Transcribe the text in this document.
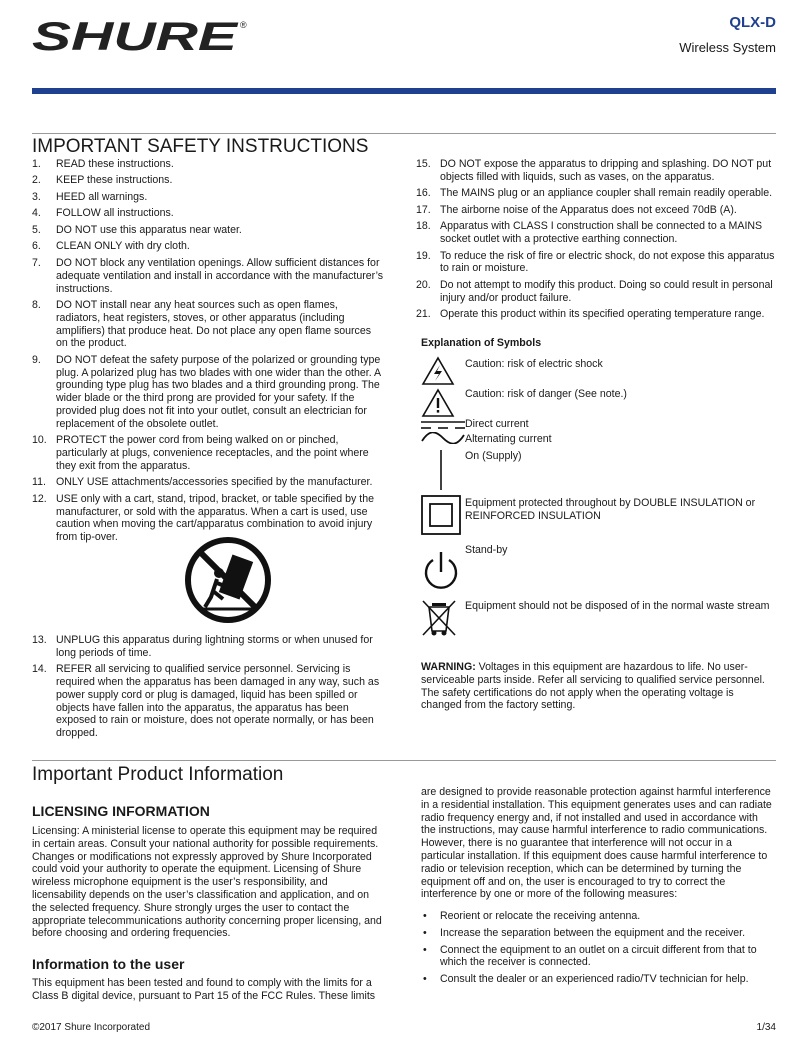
SHURE ®	QLX-D
Wireless System
IMPORTANT SAFETY INSTRUCTIONS
1. READ these instructions.
2. KEEP these instructions.
3. HEED all warnings.
4. FOLLOW all instructions.
5. DO NOT use this apparatus near water.
6. CLEAN ONLY with dry cloth.
7. DO NOT block any ventilation openings. Allow sufficient distances for adequate ventilation and install in accordance with the manufacturer’s instructions.
8. DO NOT install near any heat sources such as open flames, radiators, heat registers, stoves, or other apparatus (including amplifiers) that produce heat. Do not place any open flame sources on the product.
9. DO NOT defeat the safety purpose of the polarized or grounding type plug. A polarized plug has two blades with one wider than the other. A grounding type plug has two blades and a third grounding prong. The wider blade or the third prong are provided for your safety. If the provided plug does not fit into your outlet, consult an electrician for replacement of the obsolete outlet.
10. PROTECT the power cord from being walked on or pinched, particularly at plugs, convenience receptacles, and the point where they exit from the apparatus.
11. ONLY USE attachments/accessories specified by the manufacturer.
12. USE only with a cart, stand, tripod, bracket, or table specified by the manufacturer, or sold with the apparatus. When a cart is used, use caution when moving the cart/apparatus combination to avoid injury from tip-over.
13. UNPLUG this apparatus during lightning storms or when unused for long periods of time.
14. REFER all servicing to qualified service personnel. Servicing is required when the apparatus has been damaged in any way, such as power supply cord or plug is damaged, liquid has been spilled or objects have fallen into the apparatus, the apparatus has been exposed to rain or moisture, does not operate normally, or has been dropped.
15. DO NOT expose the apparatus to dripping and splashing. DO NOT put objects filled with liquids, such as vases, on the apparatus.
16. The MAINS plug or an appliance coupler shall remain readily operable.
17. The airborne noise of the Apparatus does not exceed 70dB (A).
18. Apparatus with CLASS I construction shall be connected to a MAINS socket outlet with a protective earthing connection.
19. To reduce the risk of fire or electric shock, do not expose this apparatus to rain or moisture.
20. Do not attempt to modify this product. Doing so could result in personal injury and/or product failure.
21. Operate this product within its specified operating temperature range.

Explanation of Symbols

Caution: risk of electric shock
Caution: risk of danger (See note.)
Direct current
Alternating current
On (Supply)
Equipment protected throughout by DOUBLE INSULATION or REINFORCED INSULATION
Stand-by
Equipment should not be disposed of in the normal waste stream

WARNING: Voltages in this equipment are hazardous to life. No user-serviceable parts inside. Refer all servicing to qualified service personnel. The safety certifications do not apply when the operating voltage is changed from the factory setting.

Important Product Information
LICENSING INFORMATION

Licensing: A ministerial license to operate this equipment may be required in certain areas. Consult your national authority for possible requirements. Changes or modifications not expressly approved by Shure Incorporated could void your authority to operate the equipment. Licensing of Shure wireless microphone equipment is the user’s responsibility, and licensability depends on the user’s classification and application, and on the selected frequency. Shure strongly urges the user to contact the appropriate telecommunications authority concerning proper licensing, and before choosing and ordering frequencies.

Information to the user

This equipment has been tested and found to comply with the limits for a Class B digital device, pursuant to Part 15 of the FCC Rules. These limits

are designed to provide reasonable protection against harmful interference in a residential installation. This equipment generates uses and can radiate radio frequency energy and, if not installed and used in accordance with the instructions, may cause harmful interference to radio communications. However, there is no guarantee that interference will not occur in a particular installation. If this equipment does cause harmful interference to radio or television reception, which can be determined by turning the equipment off and on, the user is encouraged to try to correct the interference by one or more of the following measures:

• Reorient or relocate the receiving antenna.
• Increase the separation between the equipment and the receiver.
• Connect the equipment to an outlet on a circuit different from that to which the receiver is connected.
• Consult the dealer or an experienced radio/TV technician for help.
©2017 Shure Incorporated	1/34
